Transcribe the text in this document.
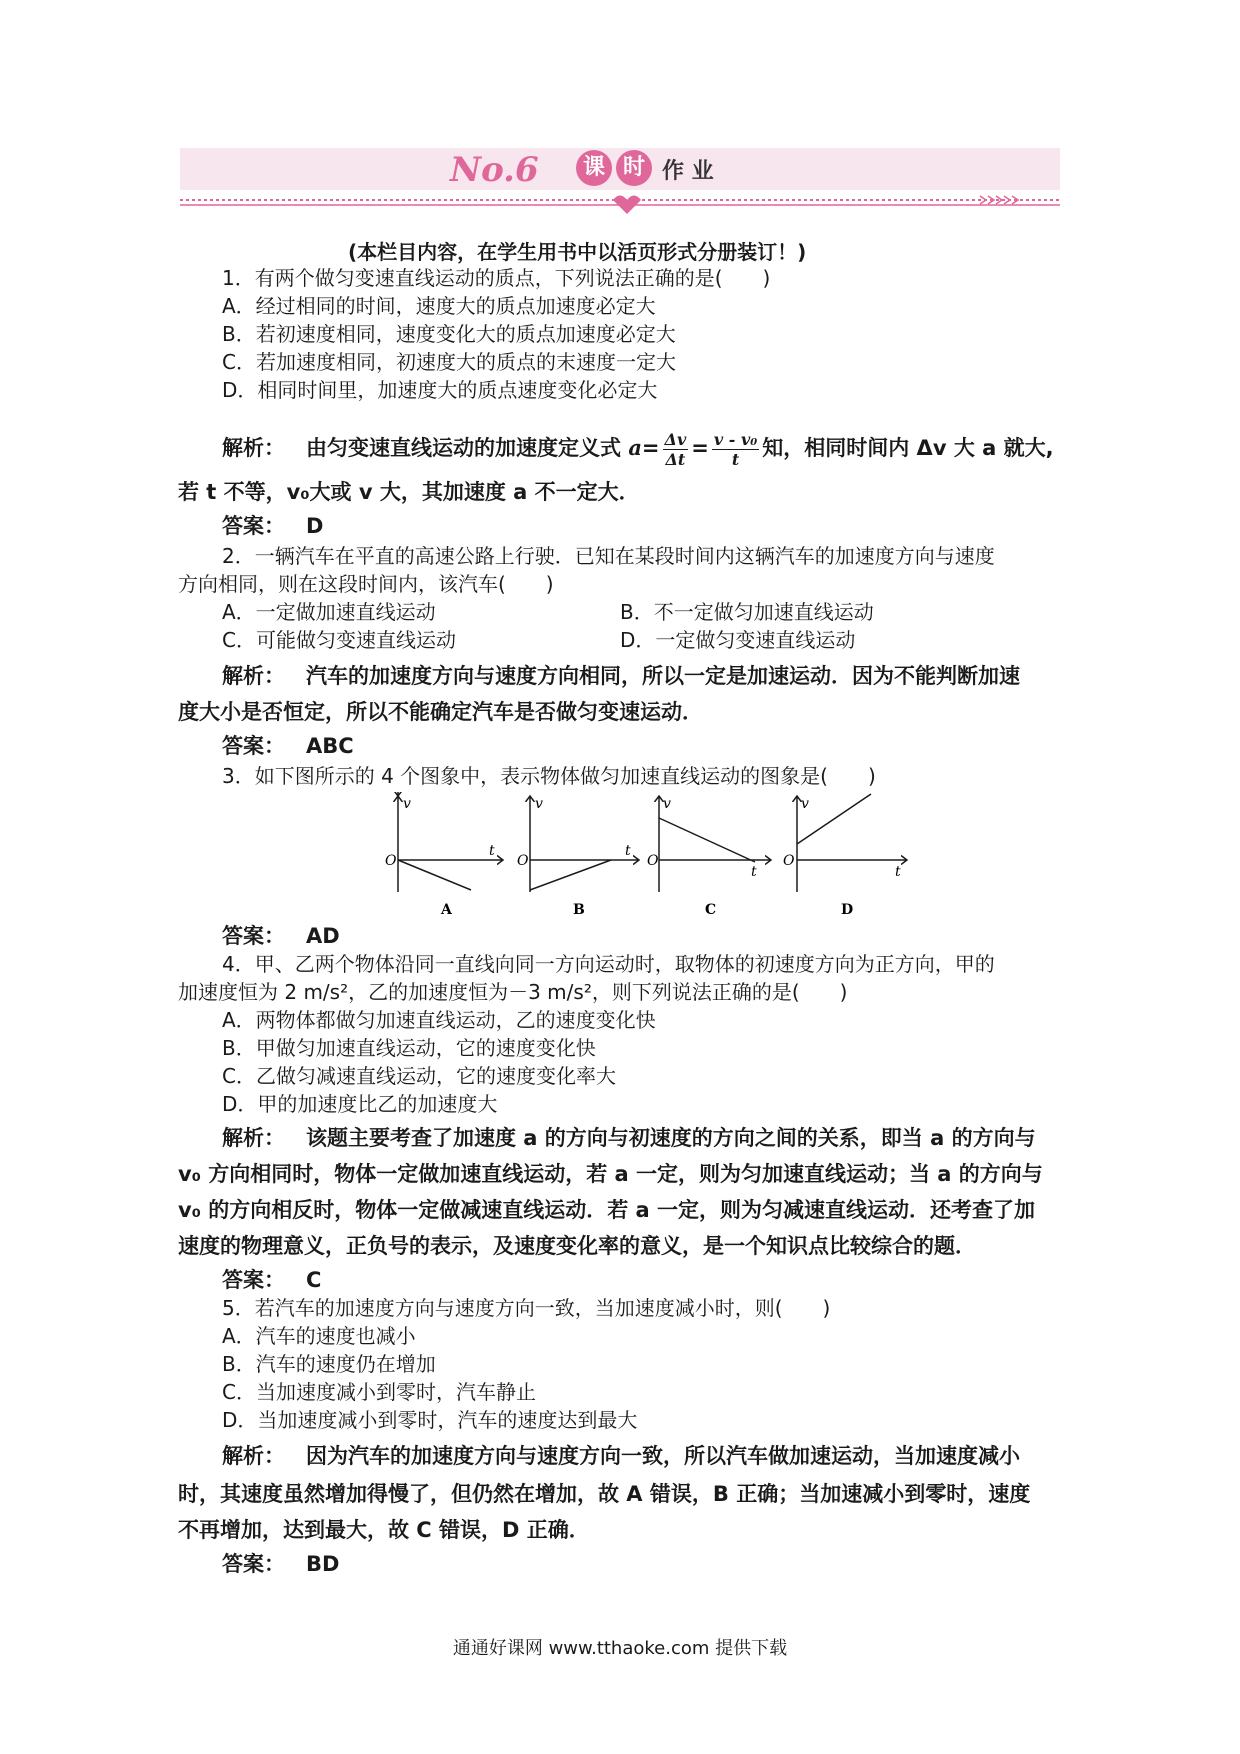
No.6	课 时 作 业
(本栏目内容，在学生用书中以活页形式分册装订！)
1．有两个做匀变速直线运动的质点，下列说法正确的是(　　)
A．经过相同的时间，速度大的质点加速度必定大
B．若初速度相同，速度变化大的质点加速度必定大
C．若加速度相同，初速度大的质点的末速度一定大
D．相同时间里，加速度大的质点速度变化必定大
解析： 由匀变速直线运动的加速度定义式 $a= \frac{\Delta v}{\Delta t} = \frac{\text{v - v₀}}{t}$ 知，相同时间内 Δv 大 a 就大,
若 t 不等，v₀大或 v 大，其加速度 a 不一定大．
答案： D
2．一辆汽车在平直的高速公路上行驶．已知在某段时间内这辆汽车的加速度方向与速度
方向相同，则在这段时间内，该汽车(　　)
A．一定做加速直线运动	B．不一定做匀加速直线运动
C．可能做匀变速直线运动	D．一定做匀变速直线运动
解析： 汽车的加速度方向与速度方向相同，所以一定是加速运动．因为不能判断加速
度大小是否恒定，所以不能确定汽车是否做匀变速运动．
答案： ABC
3．如下图所示的 4 个图象中，表示物体做匀加速直线运动的图象是(　　)
v
O
t
A
v
O
t
B
v
O
t
C
v
O
t
D
答案： AD
4．甲、乙两个物体沿同一直线向同一方向运动时，取物体的初速度方向为正方向，甲的
加速度恒为 2 m/s²，乙的加速度恒为－3 m/s²，则下列说法正确的是(　　)
A．两物体都做匀加速直线运动，乙的速度变化快
B．甲做匀加速直线运动，它的速度变化快
C．乙做匀减速直线运动，它的速度变化率大
D．甲的加速度比乙的加速度大
解析： 该题主要考查了加速度 a 的方向与初速度的方向之间的关系，即当 a 的方向与
v₀ 方向相同时，物体一定做加速直线运动，若 a 一定，则为匀加速直线运动；当 a 的方向与
v₀ 的方向相反时，物体一定做减速直线运动．若 a 一定，则为匀减速直线运动．还考查了加
速度的物理意义，正负号的表示，及速度变化率的意义，是一个知识点比较综合的题．
答案： C
5．若汽车的加速度方向与速度方向一致，当加速度减小时，则(　　)
A．汽车的速度也减小
B．汽车的速度仍在增加
C．当加速度减小到零时，汽车静止
D．当加速度减小到零时，汽车的速度达到最大
解析： 因为汽车的加速度方向与速度方向一致，所以汽车做加速运动，当加速度减小
时，其速度虽然增加得慢了，但仍然在增加，故 A 错误，B 正确；当加速减小到零时，速度
不再增加，达到最大，故 C 错误，D 正确．
答案： BD
通通好课网 www.tthaoke.com 提供下载
